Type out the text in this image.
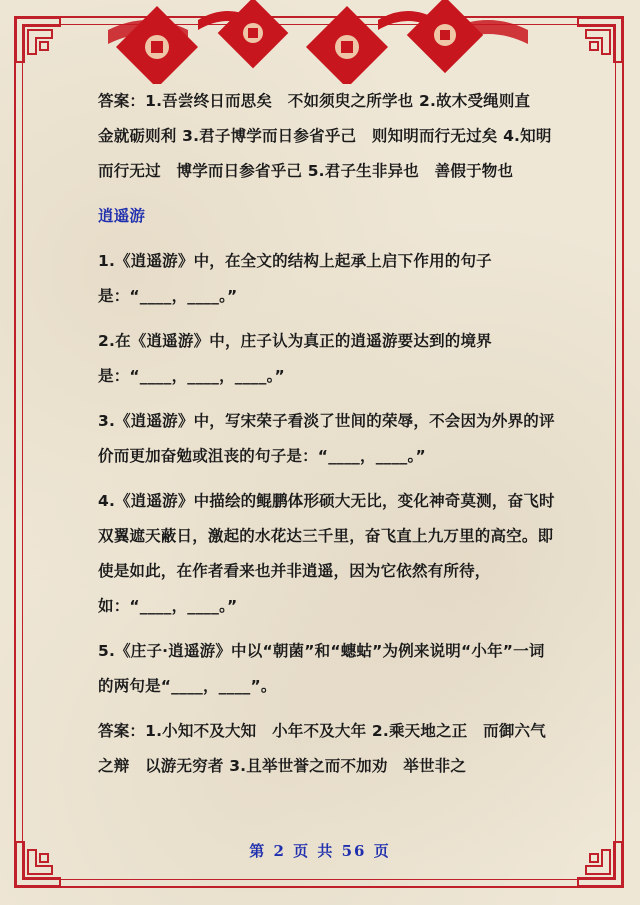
答案：1.吾尝终日而思矣　不如须臾之所学也 2.故木受绳则直　金就砺则利 3.君子博学而日参省乎己　则知明而行无过矣 4.知明而行无过　博学而日参省乎己 5.君子生非异也　善假于物也

逍遥游

1.《逍遥游》中，在全文的结构上起承上启下作用的句子是：“____，____。”

2.在《逍遥游》中，庄子认为真正的逍遥游要达到的境界是：“____，____，____。”

3.《逍遥游》中，写宋荣子看淡了世间的荣辱，不会因为外界的评价而更加奋勉或沮丧的句子是：“____，____。”

4.《逍遥游》中描绘的鲲鹏体形硕大无比，变化神奇莫测，奋飞时双翼遮天蔽日，激起的水花达三千里，奋飞直上九万里的高空。即使是如此，在作者看来也并非逍遥，因为它依然有所待，如：“____，____。”

5.《庄子·逍遥游》中以“朝菌”和“蟪蛄”为例来说明“小年”一词的两句是“____，____”。

答案：1.小知不及大知　小年不及大年 2.乘天地之正　而御六气之辩　以游无穷者 3.且举世誉之而不加劝　举世非之

第 2 页 共 56 页
